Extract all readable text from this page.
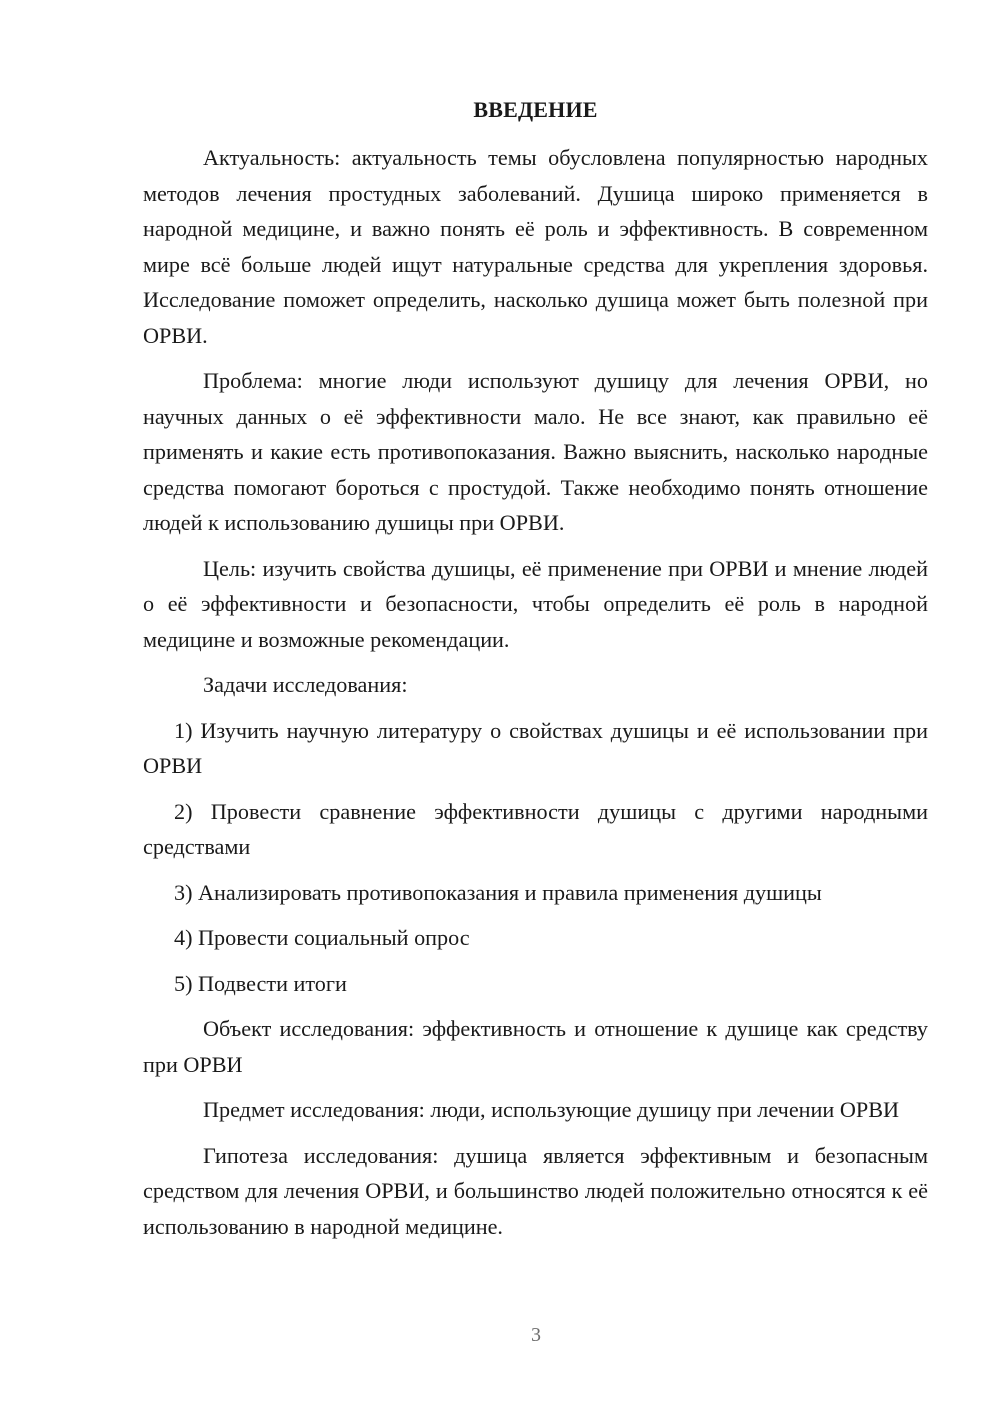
ВВЕДЕНИЕ

Актуальность: актуальность темы обусловлена популярностью народных методов лечения простудных заболеваний. Душица широко применяется в народной медицине, и важно понять её роль и эффективность. В современном мире всё больше людей ищут натуральные средства для укрепления здоровья. Исследование поможет определить, насколько душица может быть полезной при ОРВИ.

Проблема: многие люди используют душицу для лечения ОРВИ, но научных данных о её эффективности мало. Не все знают, как правильно её применять и какие есть противопоказания. Важно выяснить, насколько народные средства помогают бороться с простудой. Также необходимо понять отношение людей к использованию душицы при ОРВИ.

Цель: изучить свойства душицы, её применение при ОРВИ и мнение людей о её эффективности и безопасности, чтобы определить её роль в народной медицине и возможные рекомендации.

Задачи исследования:

1) Изучить научную литературу о свойствах душицы и её использовании при ОРВИ

2) Провести сравнение эффективности душицы с другими народными средствами

3) Анализировать противопоказания и правила применения душицы

4) Провести социальный опрос

5) Подвести итоги

Объект исследования: эффективность и отношение к душице как средству при ОРВИ

Предмет исследования: люди, использующие душицу при лечении ОРВИ

Гипотеза исследования: душица является эффективным и безопасным средством для лечения ОРВИ, и большинство людей положительно относятся к её использованию в народной медицине.

3
